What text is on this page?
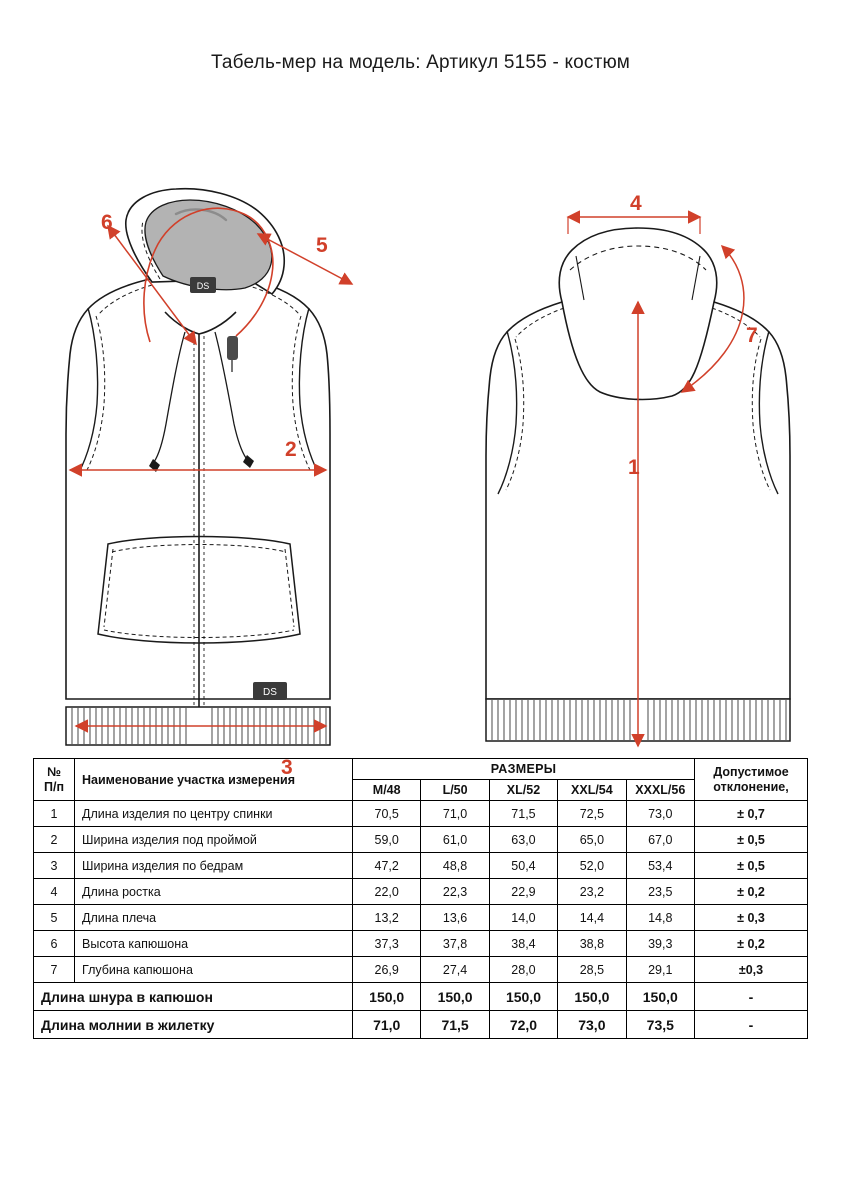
Табель-мер на модель: Артикул 5155 - костюм
DS
DS
2
3
5
6
1
4
7
№
П/п	Наименование участка измерения	РАЗМЕРЫ	Допустимое
отклонение,

		M/48	L/50	XL/52	XXL/54	XXXL/56	
1	Длина изделия по центру спинки	70,5	71,0	71,5	72,5	73,0	± 0,7
2	Ширина изделия под проймой	59,0	61,0	63,0	65,0	67,0	± 0,5
3	Ширина изделия по бедрам	47,2	48,8	50,4	52,0	53,4	± 0,5
4	Длина ростка	22,0	22,3	22,9	23,2	23,5	± 0,2
5	Длина плеча	13,2	13,6	14,0	14,4	14,8	± 0,3
6	Высота капюшона	37,3	37,8	38,4	38,8	39,3	± 0,2
7	Глубина капюшона	26,9	27,4	28,0	28,5	29,1	±0,3
Длина шнура в капюшон		150,0	150,0	150,0	150,0	150,0	-
Длина молнии в жилетку		71,0	71,5	72,0	73,0	73,5	-
